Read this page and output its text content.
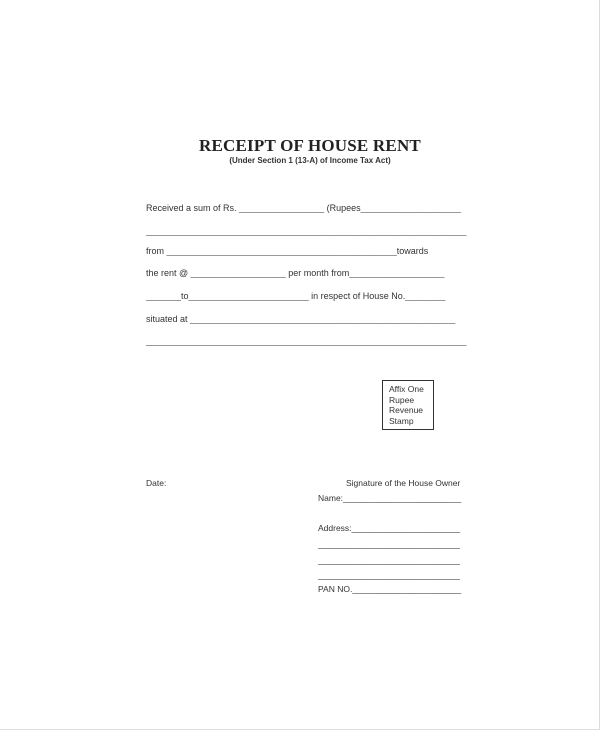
RECEIPT OF HOUSE RENT
(Under Section 1 (13-A) of Income Tax Act)
Received a sum of Rs. _________________ (Rupees____________________
________________________________________________________________
from ______________________________________________towards
the rent @ ___________________ per month from___________________
_______to________________________ in respect of House No.________
situated at _____________________________________________________
________________________________________________________________
Affix One
Rupee
Revenue
Stamp
Date:	Signature of the House Owner
Name:_________________________
Address:_______________________
______________________________
______________________________
______________________________
PAN NO._______________________
